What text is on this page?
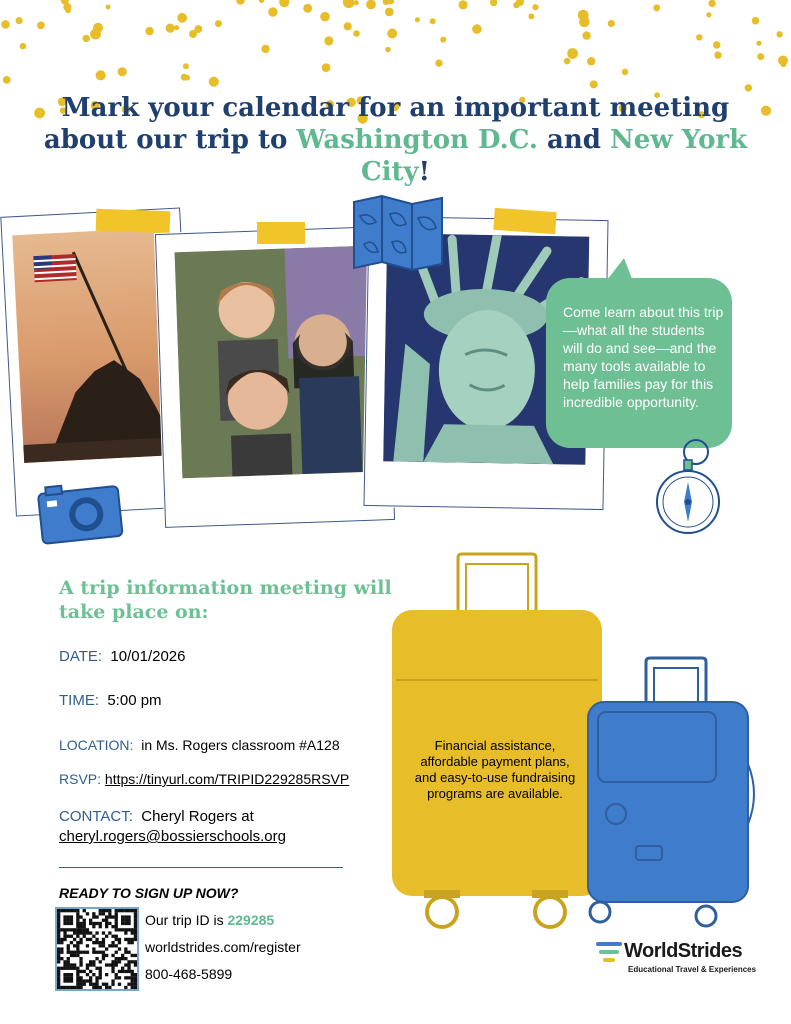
Mark your calendar for an important meeting about our trip to Washington D.C. and New York City!
Come learn about this trip—what all the students will do and see—and the many tools available to help families pay for this incredible opportunity.
A trip information meeting will take place on:
DATE: 10/01/2026
TIME: 5:00 pm
LOCATION: in Ms. Rogers classroom #A128
RSVP: https://tinyurl.com/TRIPID229285RSVP
CONTACT: Cheryl Rogers at
cheryl.rogers@bossierschools.org
READY TO SIGN UP NOW?
Our trip ID is 229285
worldstrides.com/register
800-468-5899
Financial assistance, affordable payment plans, and easy-to-use fundraising programs are available.
WorldStrides
Educational Travel & Experiences
